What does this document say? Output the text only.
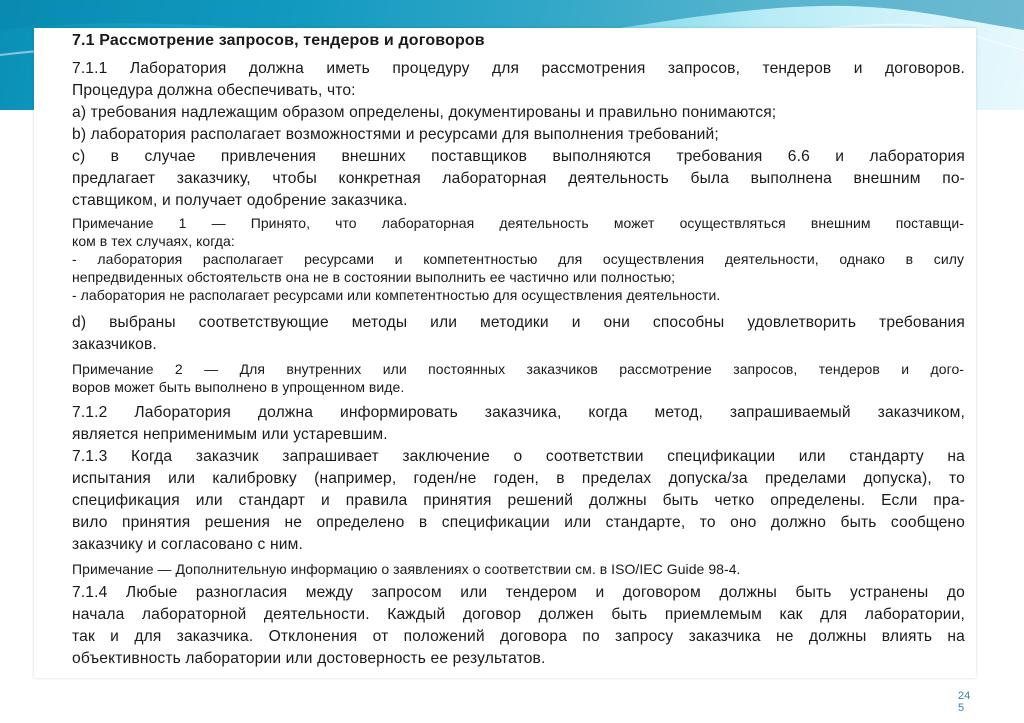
7.1 Рассмотрение запросов, тендеров и договоров
7.1.1 Лаборатория должна иметь процедуру для рассмотрения запросов, тендеров и договоров.
Процедура должна обеспечивать, что:
a) требования надлежащим образом определены, документированы и правильно понимаются;
b) лаборатория располагает возможностями и ресурсами для выполнения требований;
c) в случае привлечения внешних поставщиков выполняются требования 6.6 и лаборатория
предлагает заказчику, чтобы конкретная лабораторная деятельность была выполнена внешним по-
ставщиком, и получает одобрение заказчика.
Примечание 1 — Принято, что лабораторная деятельность может осуществляться внешним поставщи-
ком в тех случаях, когда:
- лаборатория располагает ресурсами и компетентностью для осуществления деятельности, однако в силу
непредвиденных обстоятельств она не в состоянии выполнить ее частично или полностью;
- лаборатория не располагает ресурсами или компетентностью для осуществления деятельности.
d) выбраны соответствующие методы или методики и они способны удовлетворить требования
заказчиков.
Примечание 2 — Для внутренних или постоянных заказчиков рассмотрение запросов, тендеров и дого-
воров может быть выполнено в упрощенном виде.
7.1.2 Лаборатория должна информировать заказчика, когда метод, запрашиваемый заказчиком,
является неприменимым или устаревшим.
7.1.3 Когда заказчик запрашивает заключение о соответствии спецификации или стандарту на
испытания или калибровку (например, годен/не годен, в пределах допуска/за пределами допуска), то
спецификация или стандарт и правила принятия решений должны быть четко определены. Если пра-
вило принятия решения не определено в спецификации или стандарте, то оно должно быть сообщено
заказчику и согласовано с ним.
Примечание — Дополнительную информацию о заявлениях о соответствии см. в ISO/IEC Guide 98-4.
7.1.4 Любые разногласия между запросом или тендером и договором должны быть устранены до
начала лабораторной деятельности. Каждый договор должен быть приемлемым как для лаборатории,
так и для заказчика. Отклонения от положений договора по запросу заказчика не должны влиять на
объективность лаборатории или достоверность ее результатов.
24
5
